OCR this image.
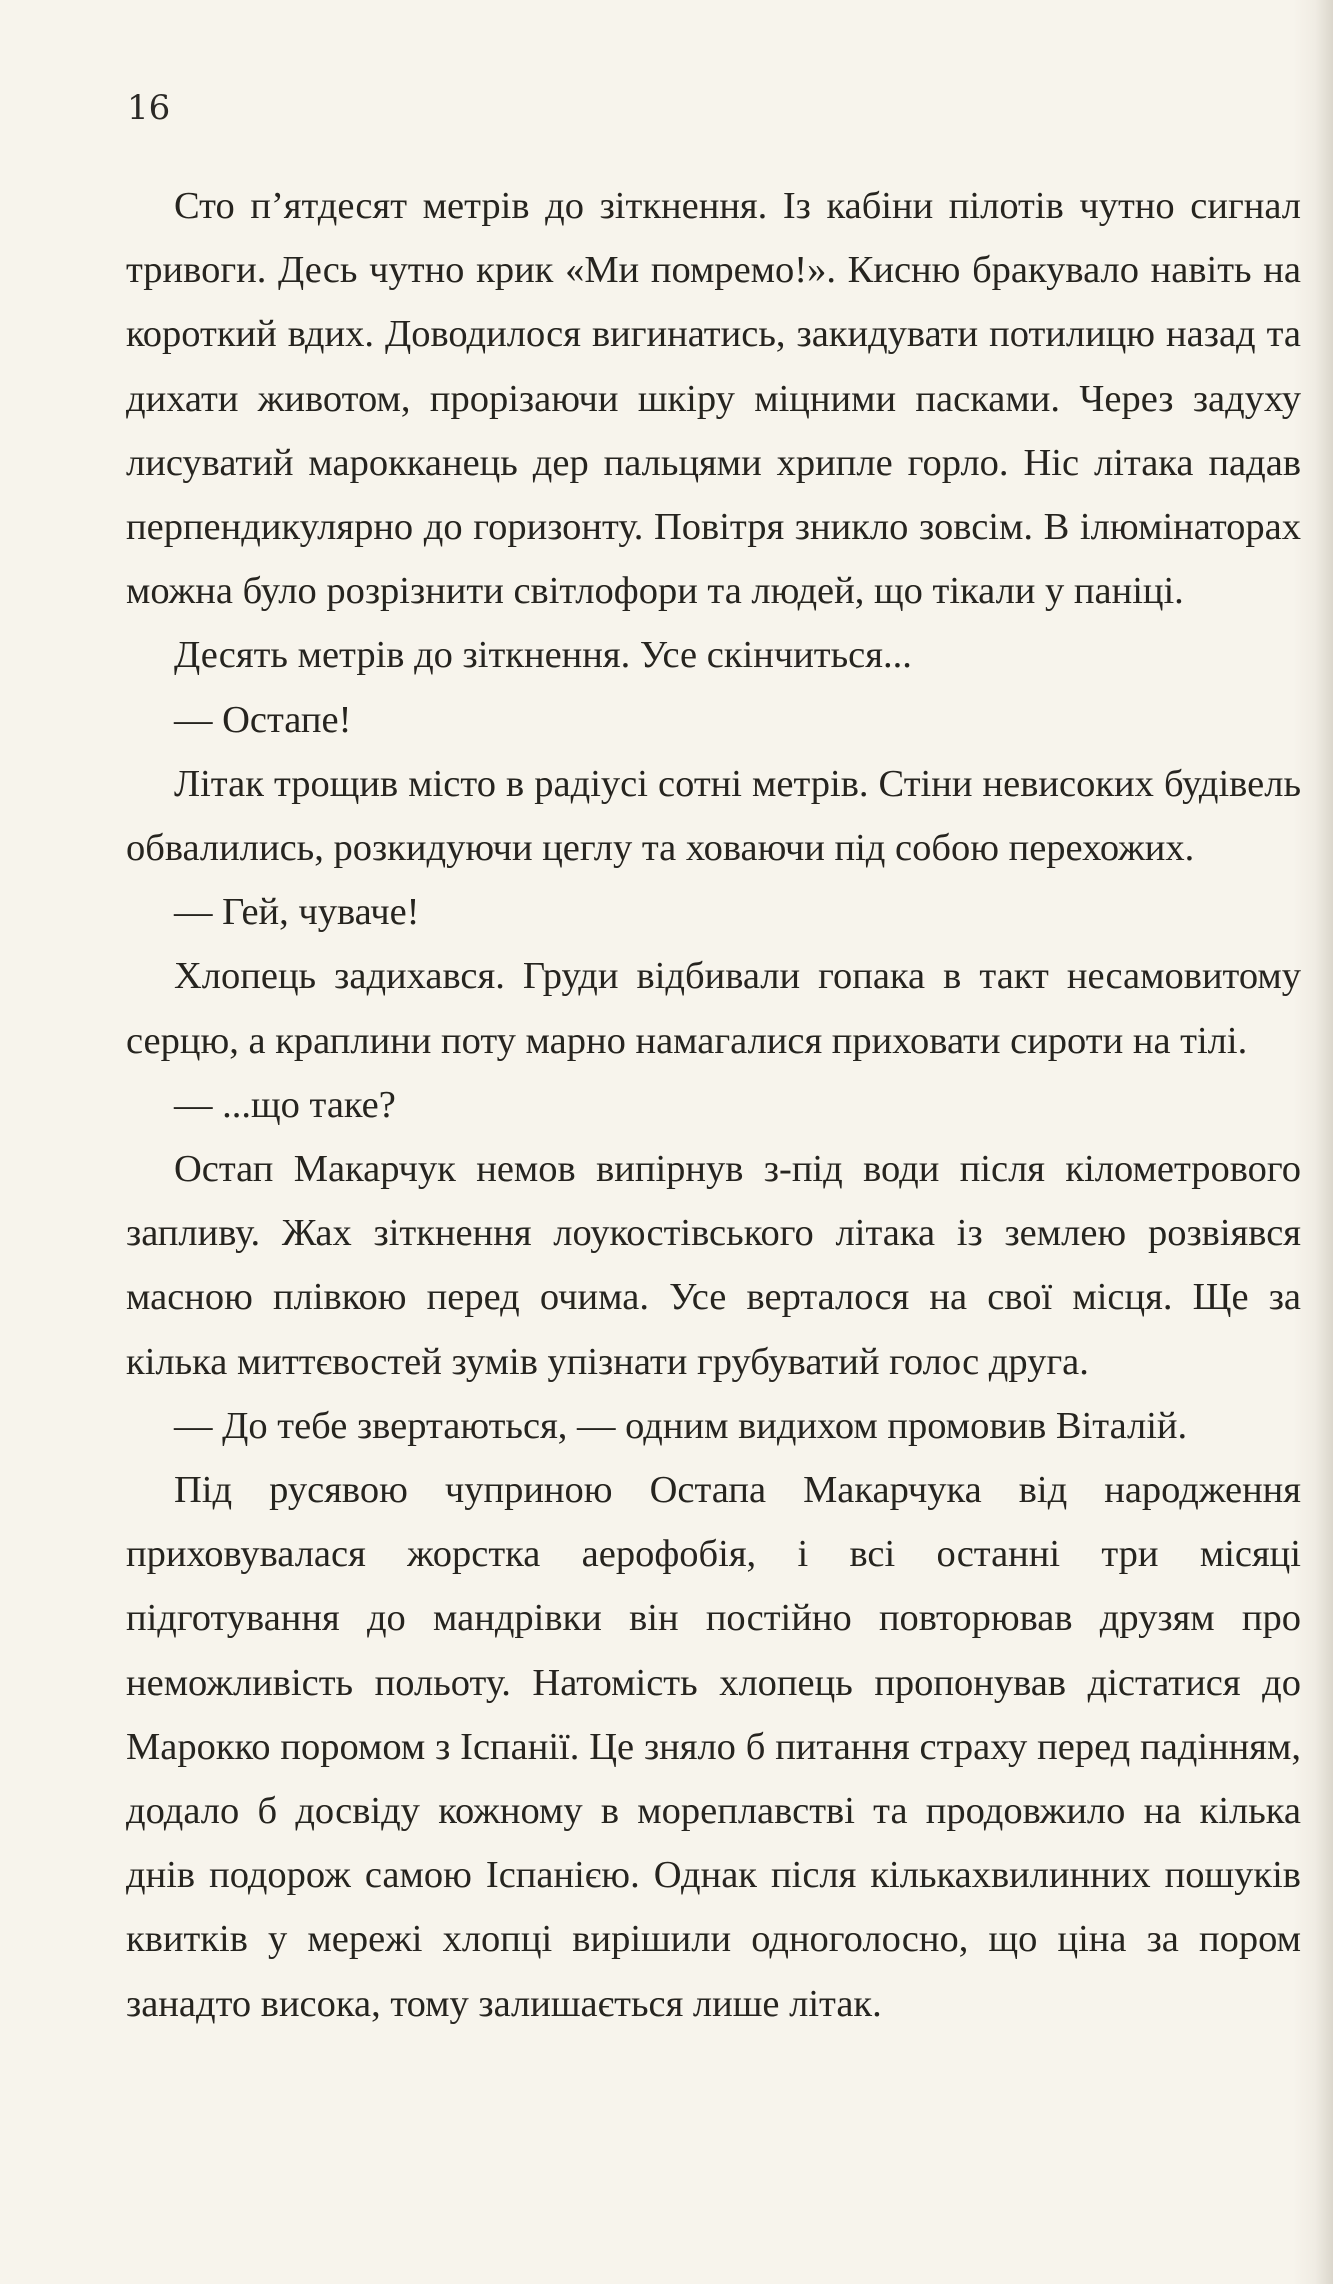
16

Сто п’ятдесят метрів до зіткнення. Із кабіни пілотів чутно сигнал тривоги. Десь чутно крик «Ми помремо!». Кисню бракувало навіть на короткий вдих. Доводилося вигинатись, закидувати потилицю назад та дихати животом, прорізаючи шкіру міцними пасками. Через задуху лисуватий марокканець дер пальцями хрипле горло. Ніс літака падав перпендикулярно до горизонту. Повітря зникло зовсім. В ілюмінаторах можна було розрізнити світлофори та людей, що тікали у паніці.

Десять метрів до зіткнення. Усе скінчиться...

— Остапе!

Літак трощив місто в радіусі сотні метрів. Стіни невисоких будівель обвалились, розкидуючи цеглу та ховаючи під собою перехожих.

— Гей, чуваче!

Хлопець задихався. Груди відбивали гопака в такт несамовитому серцю, а краплини поту марно намагалися приховати сироти на тілі.

— ...що таке?

Остап Макарчук немов випірнув з-під води після кілометрового запливу. Жах зіткнення лоукостівського літака із землею розвіявся масною плівкою перед очима. Усе верталося на свої місця. Ще за кілька миттєвостей зумів упізнати грубуватий голос друга.

— До тебе звертаються, — одним видихом промовив Віталій.

Під русявою чуприною Остапа Макарчука від народження приховувалася жорстка аерофобія, і всі останні три місяці підготування до мандрівки він постійно повторював друзям про неможливість польоту. Натомість хлопець пропонував дістатися до Марокко поромом з Іспанії. Це зняло б питання страху перед падінням, додало б досвіду кожному в мореплавстві та продовжило на кілька днів подорож самою Іспанією. Однак після кількахвилинних пошуків квитків у мережі хлопці вирішили одноголосно, що ціна за пором занадто висока, тому залишається лише літак.
